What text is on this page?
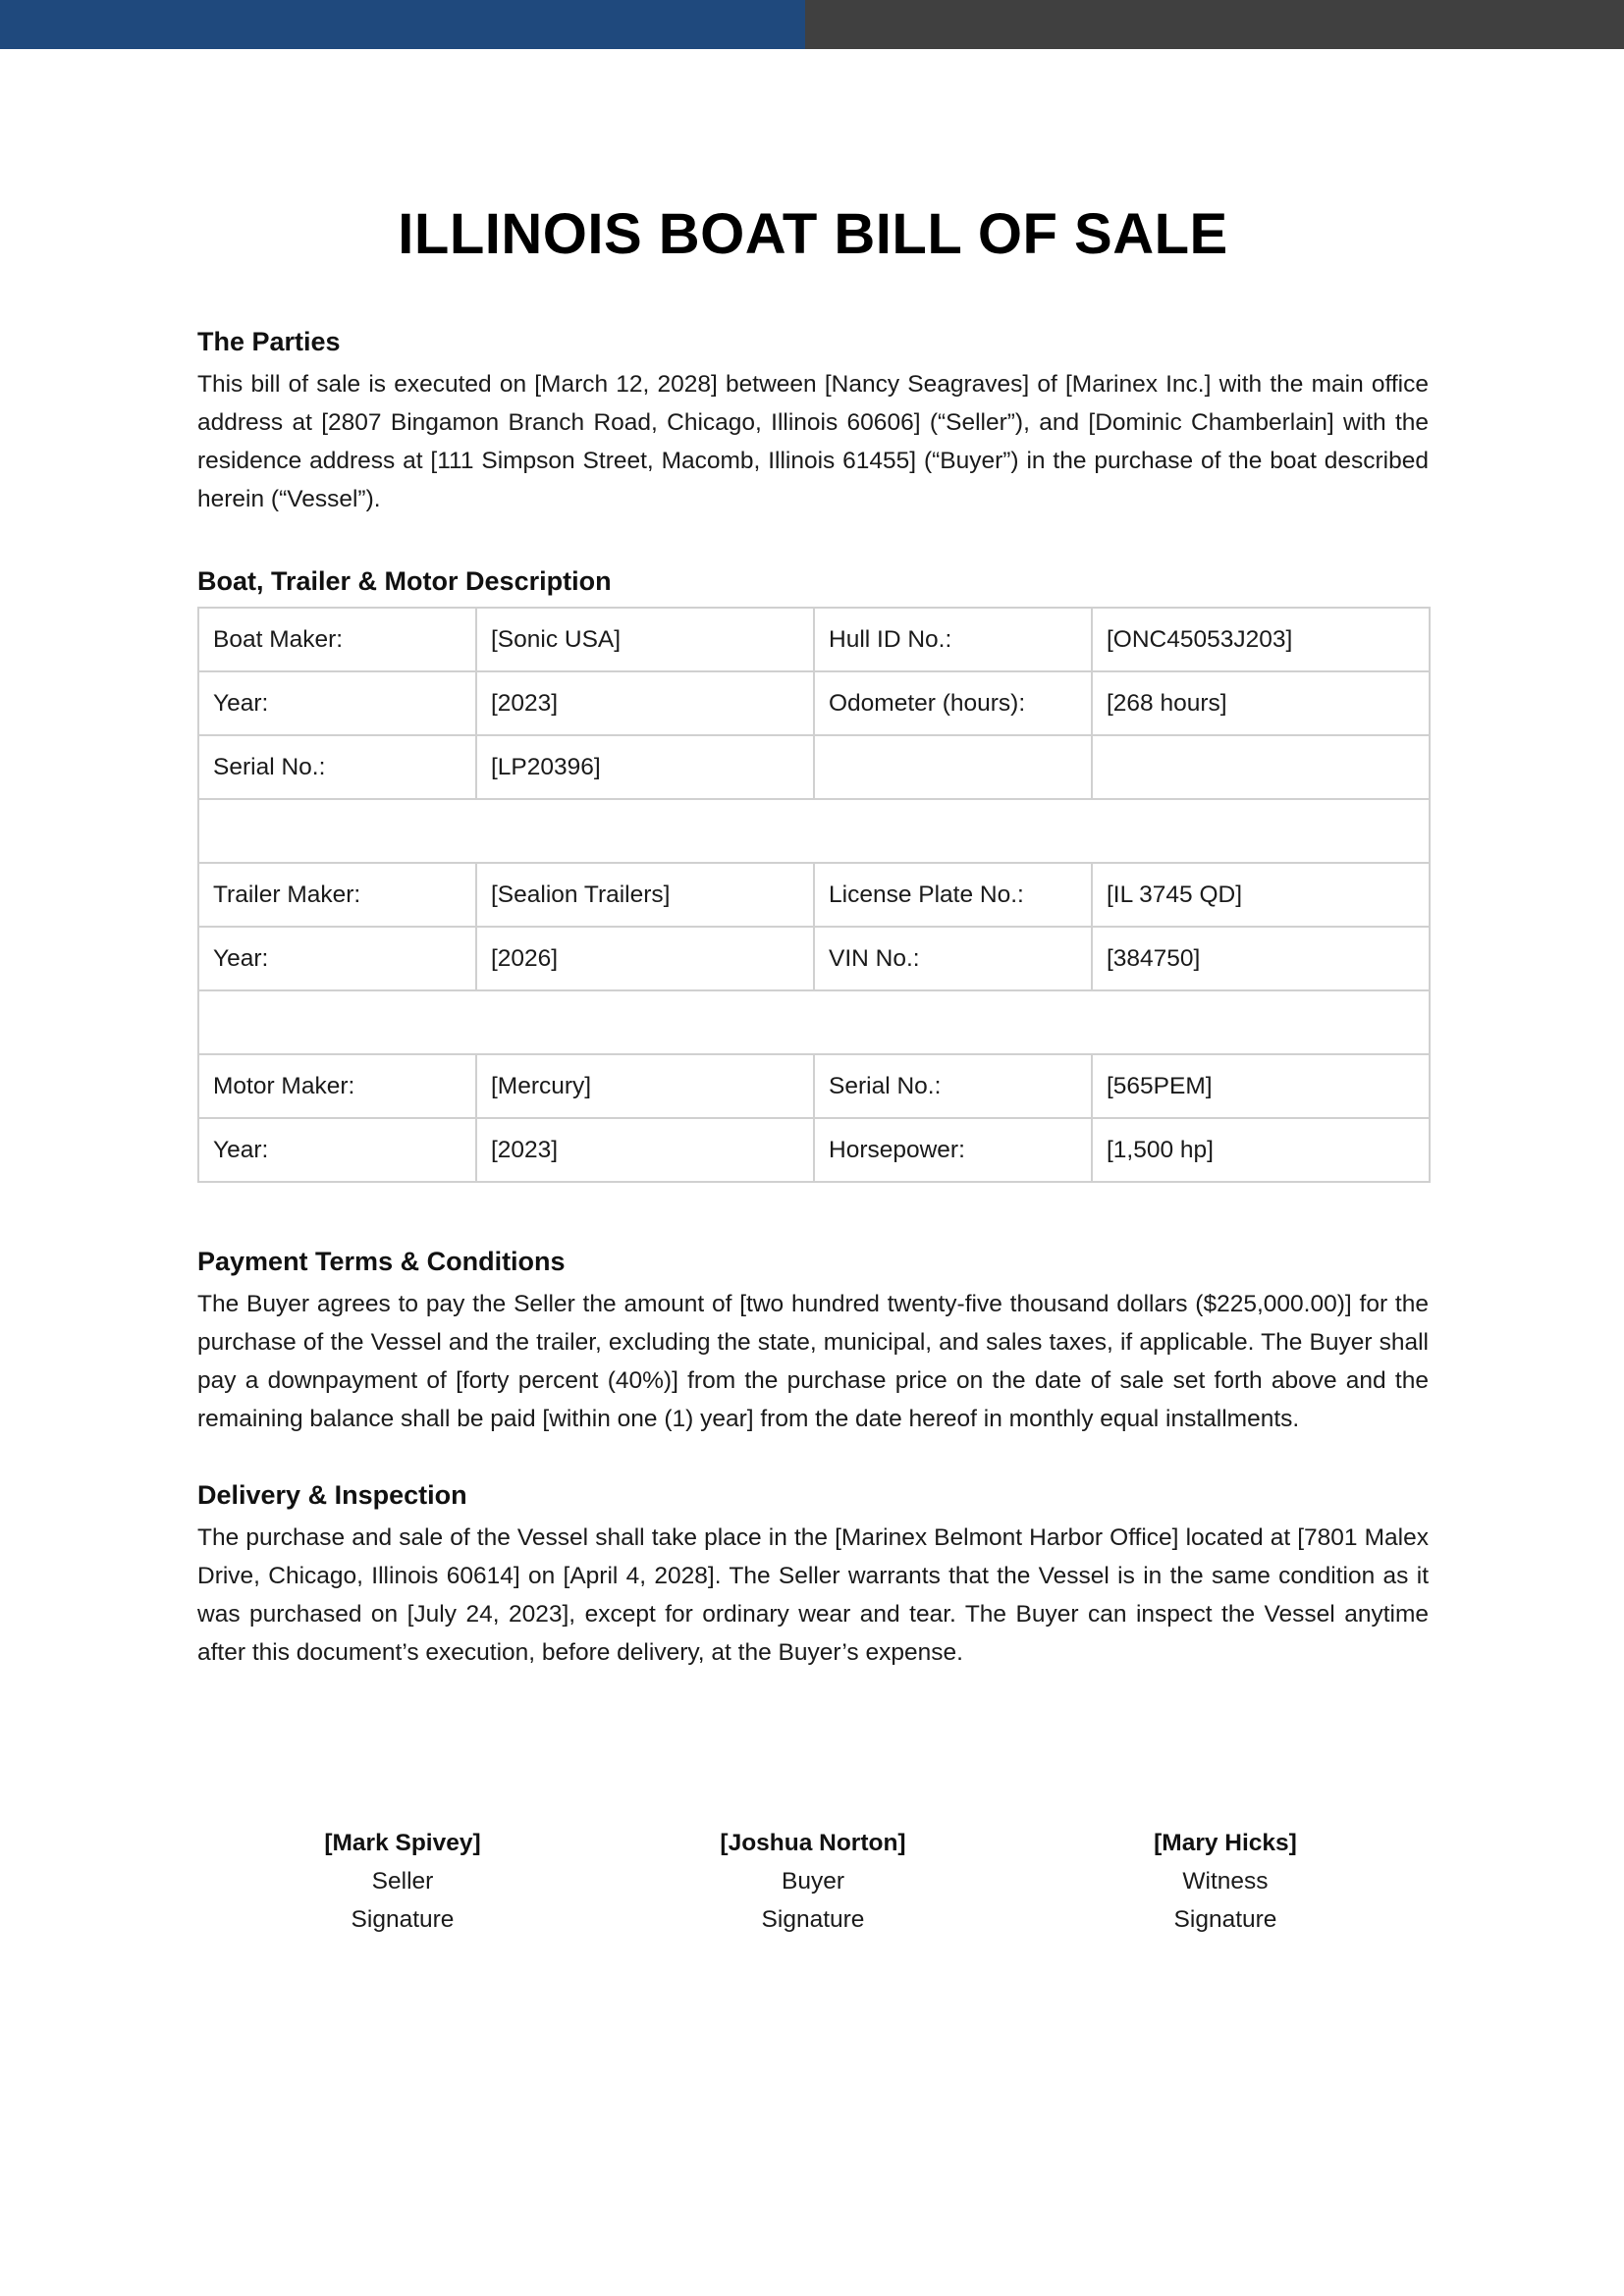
ILLINOIS BOAT BILL OF SALE
The Parties

This bill of sale is executed on [March 12, 2028] between [Nancy Seagraves] of [Marinex Inc.] with the main office address at [2807 Bingamon Branch Road, Chicago, Illinois 60606] (“Seller”), and [Dominic Chamberlain] with the residence address at [111 Simpson Street, Macomb, Illinois 61455] (“Buyer”) in the purchase of the boat described herein (“Vessel”).

Boat, Trailer & Motor Description
Boat Maker:	[Sonic USA]	Hull ID No.:	[ONC45053J203]
Year:	[2023]	Odometer (hours):	[268 hours]
Serial No.:	[LP20396]		

Trailer Maker:	[Sealion Trailers]	License Plate No.:	[IL 3745 QD]
Year:	[2026]	VIN No.:	[384750]

Motor Maker:	[Mercury]	Serial No.:	[565PEM]
Year:	[2023]	Horsepower:	[1,500 hp]
Payment Terms & Conditions

The Buyer agrees to pay the Seller the amount of [two hundred twenty-five thousand dollars ($225,000.00)] for the purchase of the Vessel and the trailer, excluding the state, municipal, and sales taxes, if applicable. The Buyer shall pay a downpayment of [forty percent (40%)] from the purchase price on the date of sale set forth above and the remaining balance shall be paid [within one (1) year] from the date hereof in monthly equal installments.

Delivery & Inspection

The purchase and sale of the Vessel shall take place in the [Marinex Belmont Harbor Office] located at [7801 Malex Drive, Chicago, Illinois 60614] on [April 4, 2028]. The Seller warrants that the Vessel is in the same condition as it was purchased on [July 24, 2023], except for ordinary wear and tear. The Buyer can inspect the Vessel anytime after this document’s execution, before delivery, at the Buyer’s expense.

[Mark Spivey]
Seller
Signature
[Joshua Norton]
Buyer
Signature
[Mary Hicks]
Witness
Signature
